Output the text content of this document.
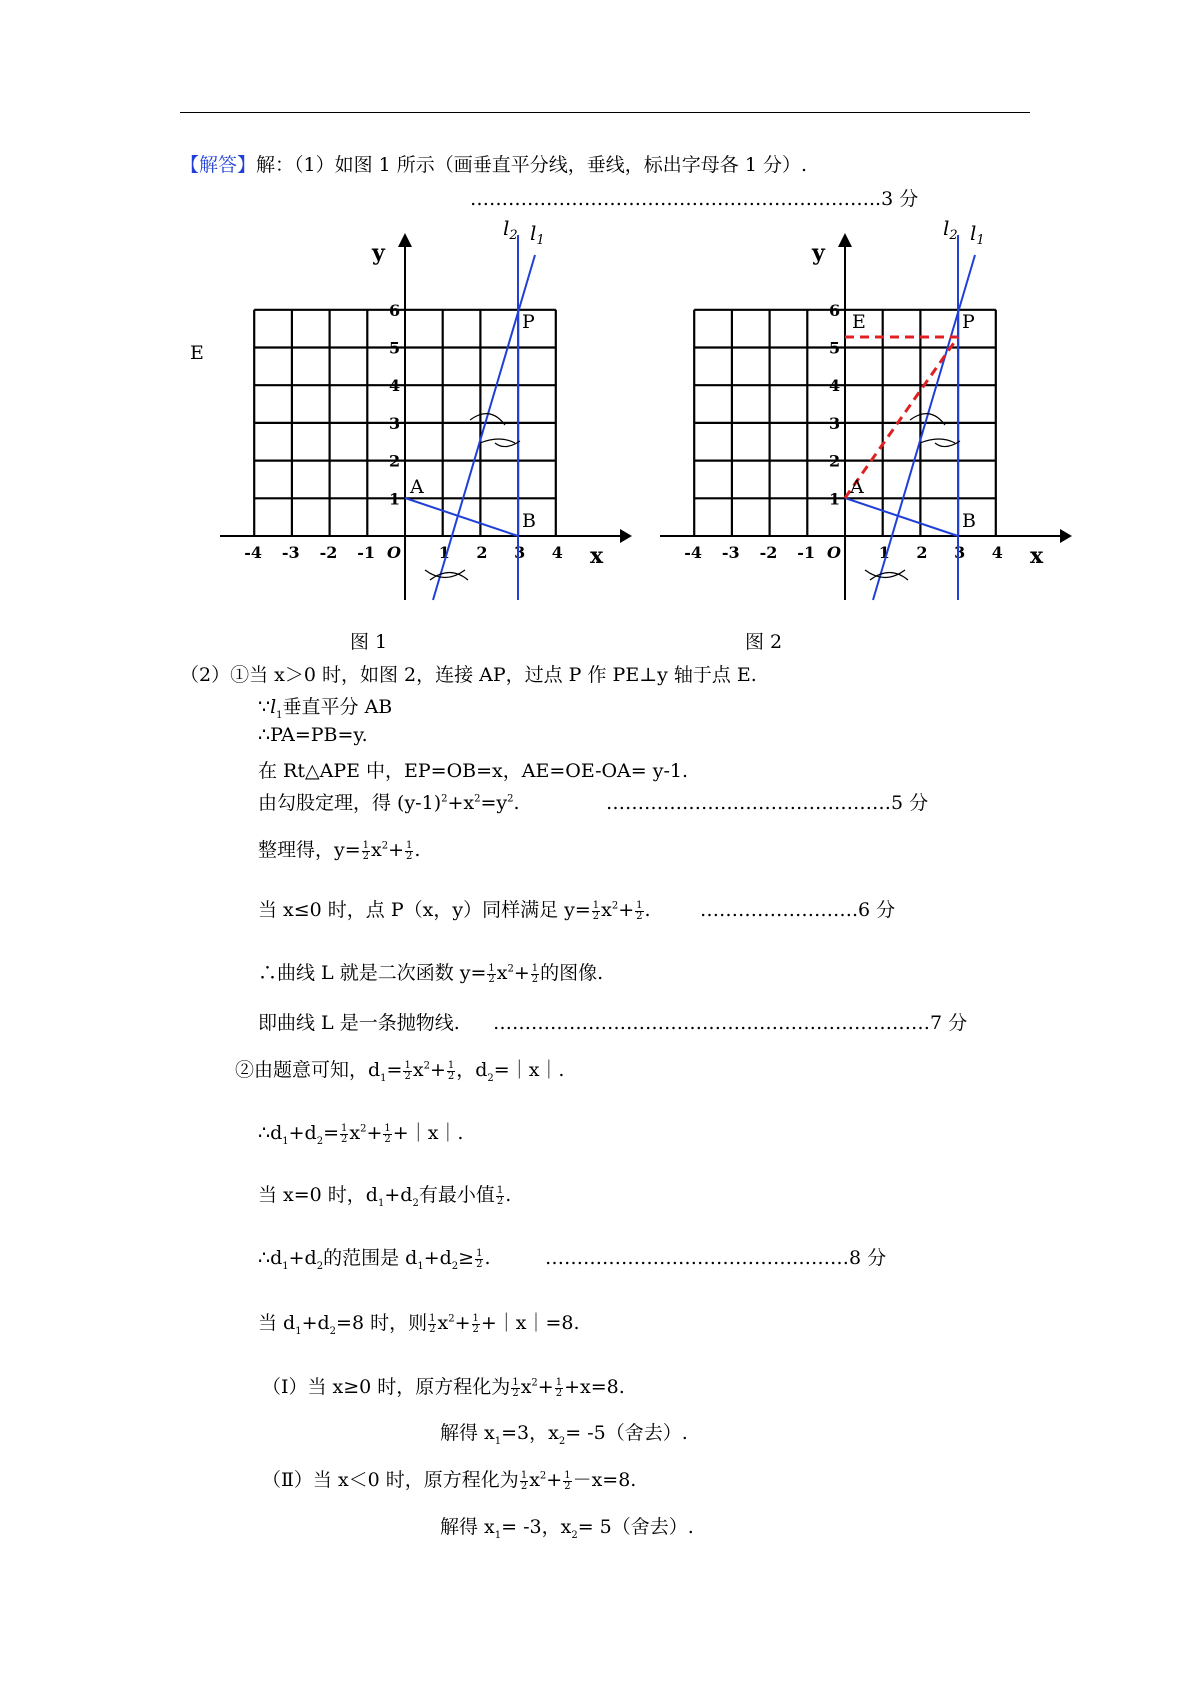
【解答】解：（1）如图 1 所示（画垂直平分线，垂线，标出字母各 1 分）.
………………………………………………………..3 分
E
x
y
-4 -3 -2 -1 O 1 2 3 4
1
2
3
4
5
6
$l_2$ $l_1$
A
B
P
图 1
x
y
-4 -3 -2 -1 O 1 2 3 4
1
2
3
4
5
6
$l_2$ $l_1$
A
B
P
E
图 2
（2）①当 x＞0 时，如图 2，连接 AP，过点 P 作 PE⊥y 轴于点 E.
$\because l_1$垂直平分 AB
∴PA=PB=y.
在 Rt△APE 中，EP=OB=x，AE=OE-OA= y-1.
由勾股定理，得 $(y-1)^2+x^2=y^2$.	………………………………………5 分
整理得，$y= \frac{1}{2} x^2+ \frac{1}{2}$ .
当 x≤0 时，点 P（x，y）同样满足 $y= \frac{1}{2} x^2+ \frac{1}{2}$ .	…………………….6 分
∴曲线 L 就是二次函数 $y= \frac{1}{2} x^2+ \frac{1}{2}$ 的图像.
即曲线 L 是一条抛物线. ……………………………………………………………7 分
②由题意可知，$d_1= \frac{1}{2} x^2+ \frac{1}{2}$ ，$d_2=|x|$.
$\therefore d_1+d_2= \frac{1}{2} x^2+ \frac{1}{2}$ +｜x｜.
当 x=0 时，$d_1+d_2$有最小值 $\frac{1}{2}$ .
$\therefore d_1+d_2$的范围是 $d_1+d_2\ge \frac{1}{2}$ .	…………………………………………8 分
当 $d_1+d_2=8$ 时，则 $\frac{1}{2} x^2+ \frac{1}{2}$ +｜x｜=8.
（Ⅰ）当 x≥0 时，原方程化为 $\frac{1}{2} x^2+ \frac{1}{2} +x=8$.
解得 $x_1=3$，$x_2= -5$（舍去）.
（Ⅱ）当 x＜0 时，原方程化为 $\frac{1}{2} x^2+ \frac{1}{2} -x=8$.
解得 $x_1= -3$，$x_2= 5$（舍去）.
